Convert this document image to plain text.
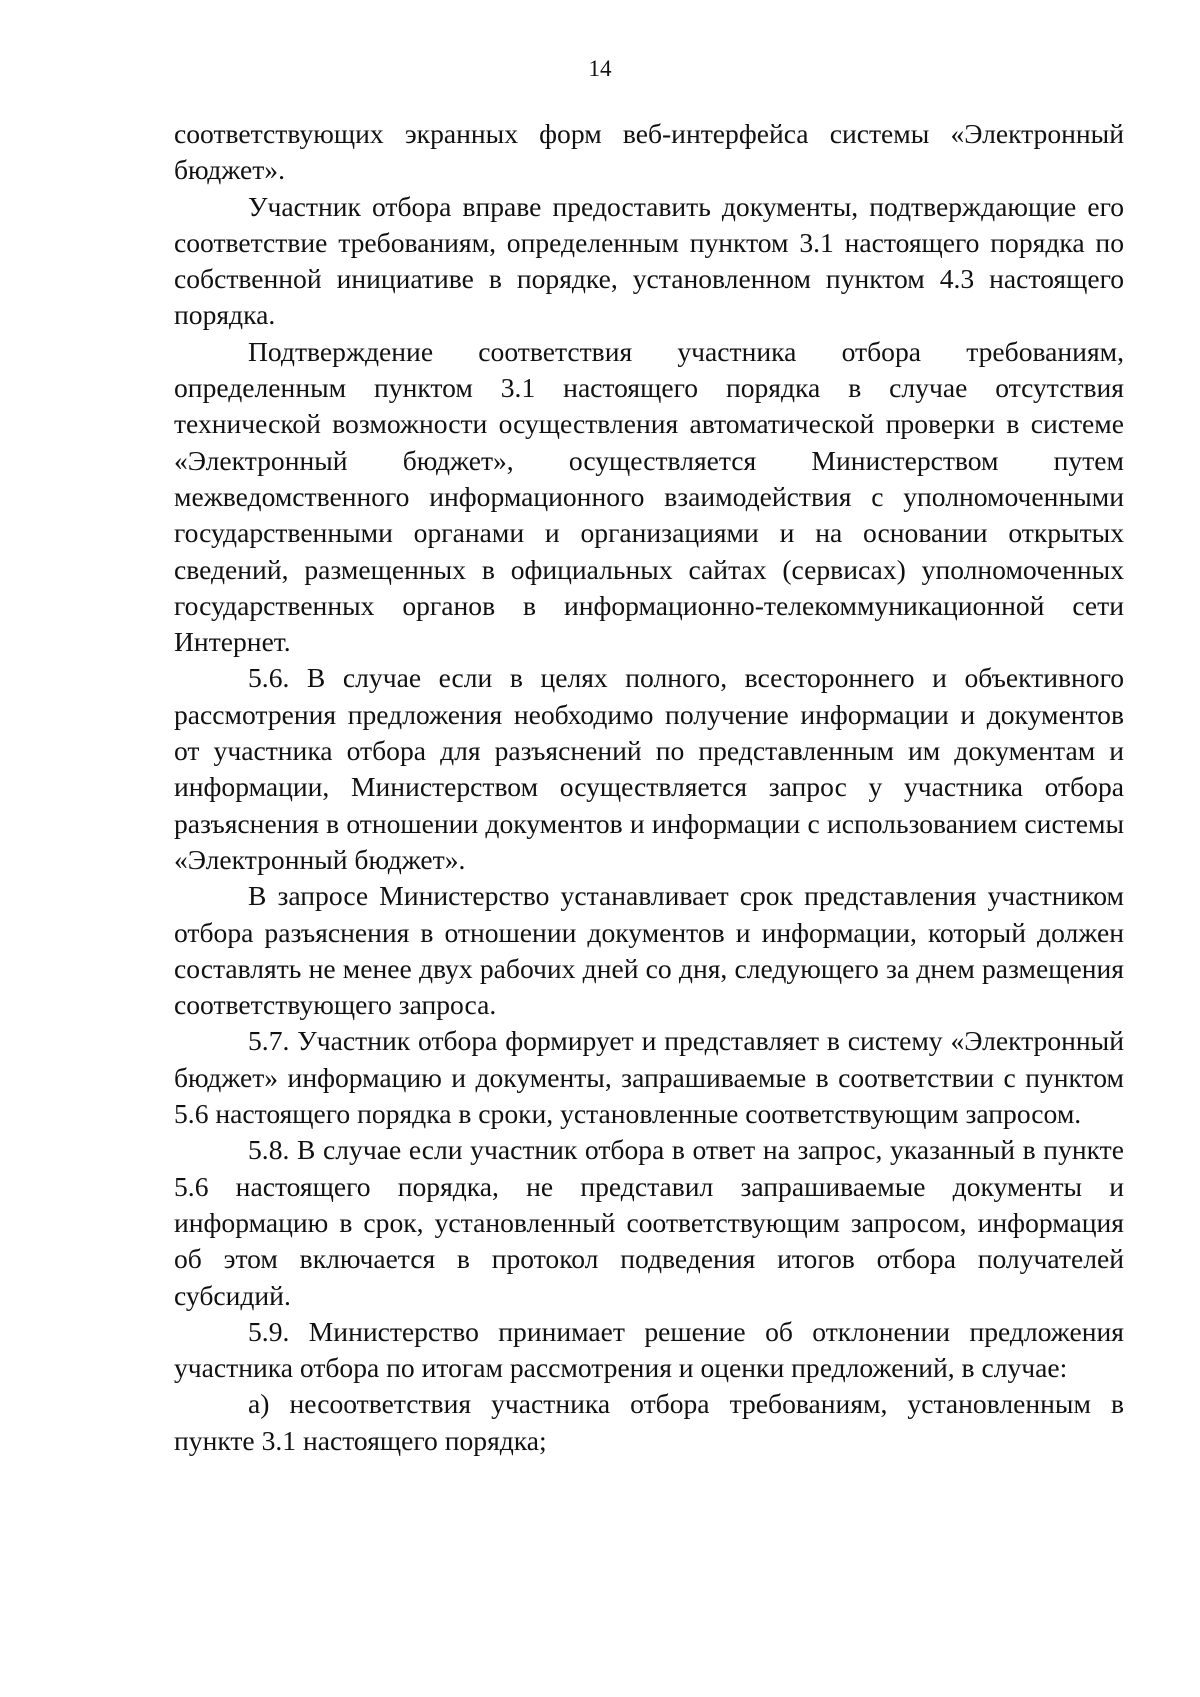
14

соответствующих экранных форм веб-интерфейса системы «Электронный бюджет».

Участник отбора вправе предоставить документы, подтверждающие его соответствие требованиям, определенным пунктом 3.1 настоящего порядка по собственной инициативе в порядке, установленном пунктом 4.3 настоящего порядка.

Подтверждение соответствия участника отбора требованиям, определенным пунктом 3.1 настоящего порядка в случае отсутствия технической возможности осуществления автоматической проверки в системе «Электронный бюджет», осуществляется Министерством путем межведомственного информационного взаимодействия с уполномоченными государственными органами и организациями и на основании открытых сведений, размещенных в официальных сайтах (сервисах) уполномоченных государственных органов в информационно-телекоммуникационной сети Интернет.

5.6. В случае если в целях полного, всестороннего и объективного рассмотрения предложения необходимо получение информации и документов от участника отбора для разъяснений по представленным им документам и информации, Министерством осуществляется запрос у участника отбора разъяснения в отношении документов и информации с использованием системы «Электронный бюджет».

В запросе Министерство устанавливает срок представления участником отбора разъяснения в отношении документов и информации, который должен составлять не менее двух рабочих дней со дня, следующего за днем размещения соответствующего запроса.

5.7. Участник отбора формирует и представляет в систему «Электронный бюджет» информацию и документы, запрашиваемые в соответствии с пунктом 5.6 настоящего порядка в сроки, установленные соответствующим запросом.

5.8. В случае если участник отбора в ответ на запрос, указанный в пункте 5.6 настоящего порядка, не представил запрашиваемые документы и информацию в срок, установленный соответствующим запросом, информация об этом включается в протокол подведения итогов отбора получателей субсидий.

5.9. Министерство принимает решение об отклонении предложения участника отбора по итогам рассмотрения и оценки предложений, в случае:

а) несоответствия участника отбора требованиям, установленным в пункте 3.1 настоящего порядка;
